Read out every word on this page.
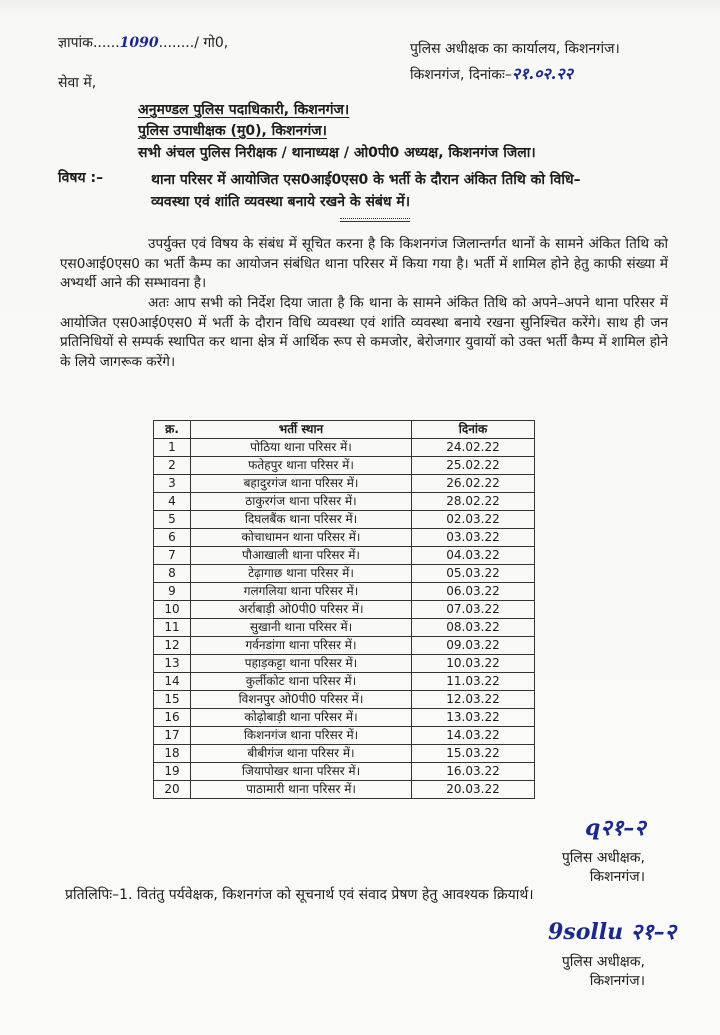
ज्ञापांक......1090......../ गो0,	पुलिस अधीक्षक का कार्यालय, किशनगंज।
किशनगंज, दिनांकः–२१.०२.२२
सेवा में,
अनुमण्डल पुलिस पदाधिकारी, किशनगंज।
पुलिस उपाधीक्षक (मु0), किशनगंज।
सभी अंचल पुलिस निरीक्षक / थानाध्यक्ष / ओ0पी0 अध्यक्ष, किशनगंज जिला।
विषय :–	थाना परिसर में आयोजित एस0आई0एस0 के भर्ती के दौरान अंकित तिथि को विधि–
व्यवस्था एवं शांति व्यवस्था बनाये रखने के संबंध में।
उपर्युक्त एवं विषय के संबंध में सूचित करना है कि किशनगंज जिलान्तर्गत थानों के सामने अंकित तिथि को एस0आई0एस0 का भर्ती कैम्प का आयोजन संबंधित थाना परिसर में किया गया है। भर्ती में शामिल होने हेतु काफी संख्या में अभ्यर्थी आने की सम्भावना है।
अतः आप सभी को निर्देश दिया जाता है कि थाना के सामने अंकित तिथि को अपने–अपने थाना परिसर में आयोजित एस0आई0एस0 में भर्ती के दौरान विधि व्यवस्था एवं शांति व्यवस्था बनाये रखना सुनिश्चित करेंगे। साथ ही जन प्रतिनिधियों से सम्पर्क स्थापित कर थाना क्षेत्र में आर्थिक रूप से कमजोर, बेरोजगार युवायों को उक्त भर्ती कैम्प में शामिल होने के लिये जागरूक करेंगे।
क्र.	भर्ती स्थान	दिनांक
1	पोठिया थाना परिसर में।	24.02.22
2	फतेहपुर थाना परिसर में।	25.02.22
3	बहादुरगंज थाना परिसर में।	26.02.22
4	ठाकुरगंज थाना परिसर में।	28.02.22
5	दिघलबैंक थाना परिसर में।	02.03.22
6	कोचाधामन थाना परिसर में।	03.03.22
7	पौआखाली थाना परिसर में।	04.03.22
8	टेढ़ागाछ थाना परिसर में।	05.03.22
9	गलगलिया थाना परिसर में।	06.03.22
10	अर्राबाड़ी ओ0पी0 परिसर में।	07.03.22
11	सुखानी थाना परिसर में।	08.03.22
12	गर्वनडांगा थाना परिसर में।	09.03.22
13	पहाड़कट्टा थाना परिसर में।	10.03.22
14	कुर्लीकोट थाना परिसर में।	11.03.22
15	विशनपुर ओ0पी0 परिसर में।	12.03.22
16	कोढ़ोबाड़ी थाना परिसर में।	13.03.22
17	किशनगंज थाना परिसर में।	14.03.22
18	बीबीगंज थाना परिसर में।	15.03.22
19	जियापोखर थाना परिसर में।	16.03.22
20	पाठामारी थाना परिसर में।	20.03.22
q२१–२
पुलिस अधीक्षक,
किशनगंज।
प्रतिलिपिः–1. वितंतु पर्यवेक्षक, किशनगंज को सूचनार्थ एवं संवाद प्रेषण हेतु आवश्यक क्रियार्थ।
9sollu २१–२
पुलिस अधीक्षक,
किशनगंज।
